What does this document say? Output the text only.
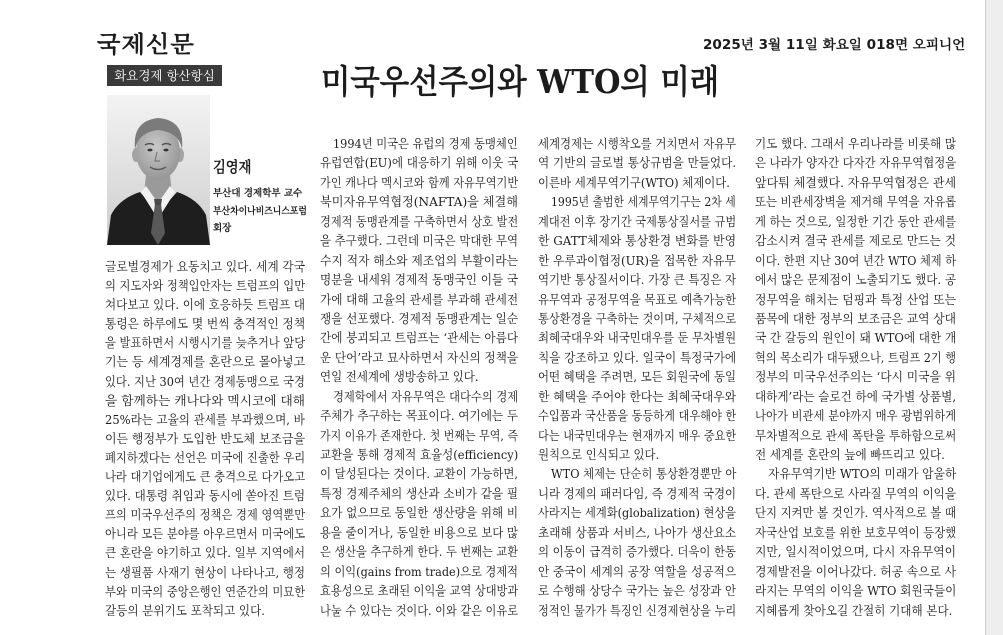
국제신문	2025년 3월 11일 화요일 018면 오피니언
화요경제 항산항심	미국우선주의와 WTO의 미래
김영재
부산대 경제학부 교수
부산차이나비즈니스포럼
회장
글로벌경제가 요동치고 있다. 세계 각국
의 지도자와 정책입안자는 트럼프의 입만
쳐다보고 있다. 이에 호응하듯 트럼프 대
통령은 하루에도 몇 번씩 충격적인 정책
을 발표하면서 시행시기를 늦추거나 앞당
기는 등 세계경제를 혼란으로 몰아넣고
있다. 지난 30여 년간 경제동맹으로 국경
을 함께하는 캐나다와 멕시코에 대해
25%라는 고율의 관세를 부과했으며, 바
이든 행정부가 도입한 반도체 보조금을
폐지하겠다는 선언은 미국에 진출한 우리
나라 대기업에게도 큰 충격으로 다가오고
있다. 대통령 취임과 동시에 쏟아진 트럼
프의 미국우선주의 정책은 경제 영역뿐만
아니라 모든 분야를 아우르면서 미국에도
큰 혼란을 야기하고 있다. 일부 지역에서
는 생필품 사재기 현상이 나타나고, 행정
부와 미국의 중앙은행인 연준간의 미묘한
갈등의 분위기도 포착되고 있다.
1994년 미국은 유럽의 경제 동맹체인
유럽연합(EU)에 대응하기 위해 이웃 국
가인 캐나다 멕시코와 함께 자유무역기반
북미자유무역협정(NAFTA)을 체결해
경제적 동맹관계를 구축하면서 상호 발전
을 추구했다. 그런데 미국은 막대한 무역
수지 적자 해소와 제조업의 부활이라는
명분을 내세워 경제적 동맹국인 이들 국
가에 대해 고율의 관세를 부과해 관세전
쟁을 선포했다. 경제적 동맹관계는 일순
간에 붕괴되고 트럼프는 ‘관세는 아름다
운 단어’라고 묘사하면서 자신의 정책을
연일 전세계에 생방송하고 있다.
경제학에서 자유무역은 대다수의 경제
주체가 추구하는 목표이다. 여기에는 두
가지 이유가 존재한다. 첫 번째는 무역, 즉
교환을 통해 경제적 효율성(efficiency)
이 달성된다는 것이다. 교환이 가능하면,
특정 경제주체의 생산과 소비가 같을 필
요가 없으므로 동일한 생산량을 위해 비
용을 줄이거나, 동일한 비용으로 보다 많
은 생산을 추구하게 한다. 두 번째는 교환
의 이익(gains from trade)으로 경제적
효용성으로 초래된 이익을 교역 상대방과
나눌 수 있다는 것이다. 이와 같은 이유로
세계경제는 시행착오를 거치면서 자유무
역 기반의 글로벌 통상규범을 만들었다.
이른바 세계무역기구(WTO) 체제이다.
1995년 출범한 세계무역기구는 2차 세
계대전 이후 장기간 국제통상질서를 규범
한 GATT체제와 통상환경 변화를 반영
한 우루과이협정(UR)을 접목한 자유무
역기반 통상질서이다. 가장 큰 특징은 자
유무역과 공정무역을 목표로 예측가능한
통상환경을 구축하는 것이며, 구체적으로
최혜국대우와 내국민대우를 둔 무차별원
칙을 강조하고 있다. 일국이 특정국가에
어떤 혜택을 주려면, 모든 회원국에 동일
한 혜택을 주어야 한다는 최혜국대우와
수입품과 국산품을 동등하게 대우해야 한
다는 내국민대우는 현재까지 매우 중요한
원칙으로 인식되고 있다.
WTO 체제는 단순히 통상환경뿐만 아
니라 경제의 패러다임, 즉 경제적 국경이
사라지는 세계화(globalization) 현상을
초래해 상품과 서비스, 나아가 생산요소
의 이동이 급격히 증가했다. 더욱이 한동
안 중국이 세계의 공장 역할을 성공적으
로 수행해 상당수 국가는 높은 성장과 안
정적인 물가가 특징인 신경제현상을 누리
기도 했다. 그래서 우리나라를 비롯해 많
은 나라가 양자간 다자간 자유무역협정을
앞다퉈 체결했다. 자유무역협정은 관세
또는 비관세장벽을 제거해 무역을 자유롭
게 하는 것으로, 일정한 기간 동안 관세를
감소시켜 결국 관세를 제로로 만드는 것
이다. 한편 지난 30여 년간 WTO 체제 하
에서 많은 문제점이 노출되기도 했다. 공
정무역을 해치는 덤핑과 특정 산업 또는
품목에 대한 정부의 보조금은 교역 상대
국 간 갈등의 원인이 돼 WTO에 대한 개
혁의 목소리가 대두됐으나, 트럼프 2기 행
정부의 미국우선주의는 ‘다시 미국을 위
대하게’라는 슬로건 하에 국가별 상품별,
나아가 비관세 분야까지 매우 광범위하게
무차별적으로 관세 폭탄을 투하함으로써
전 세계를 혼란의 늪에 빠뜨리고 있다.
자유무역기반 WTO의 미래가 암울하
다. 관세 폭탄으로 사라질 무역의 이익을
단지 지켜만 볼 것인가. 역사적으로 볼 때
자국산업 보호를 위한 보호무역이 등장했
지만, 일시적이었으며, 다시 자유무역이
경제발전을 이어나갔다. 허공 속으로 사
라지는 무역의 이익을 WTO 회원국들이
지혜롭게 찾아오길 간절히 기대해 본다.
